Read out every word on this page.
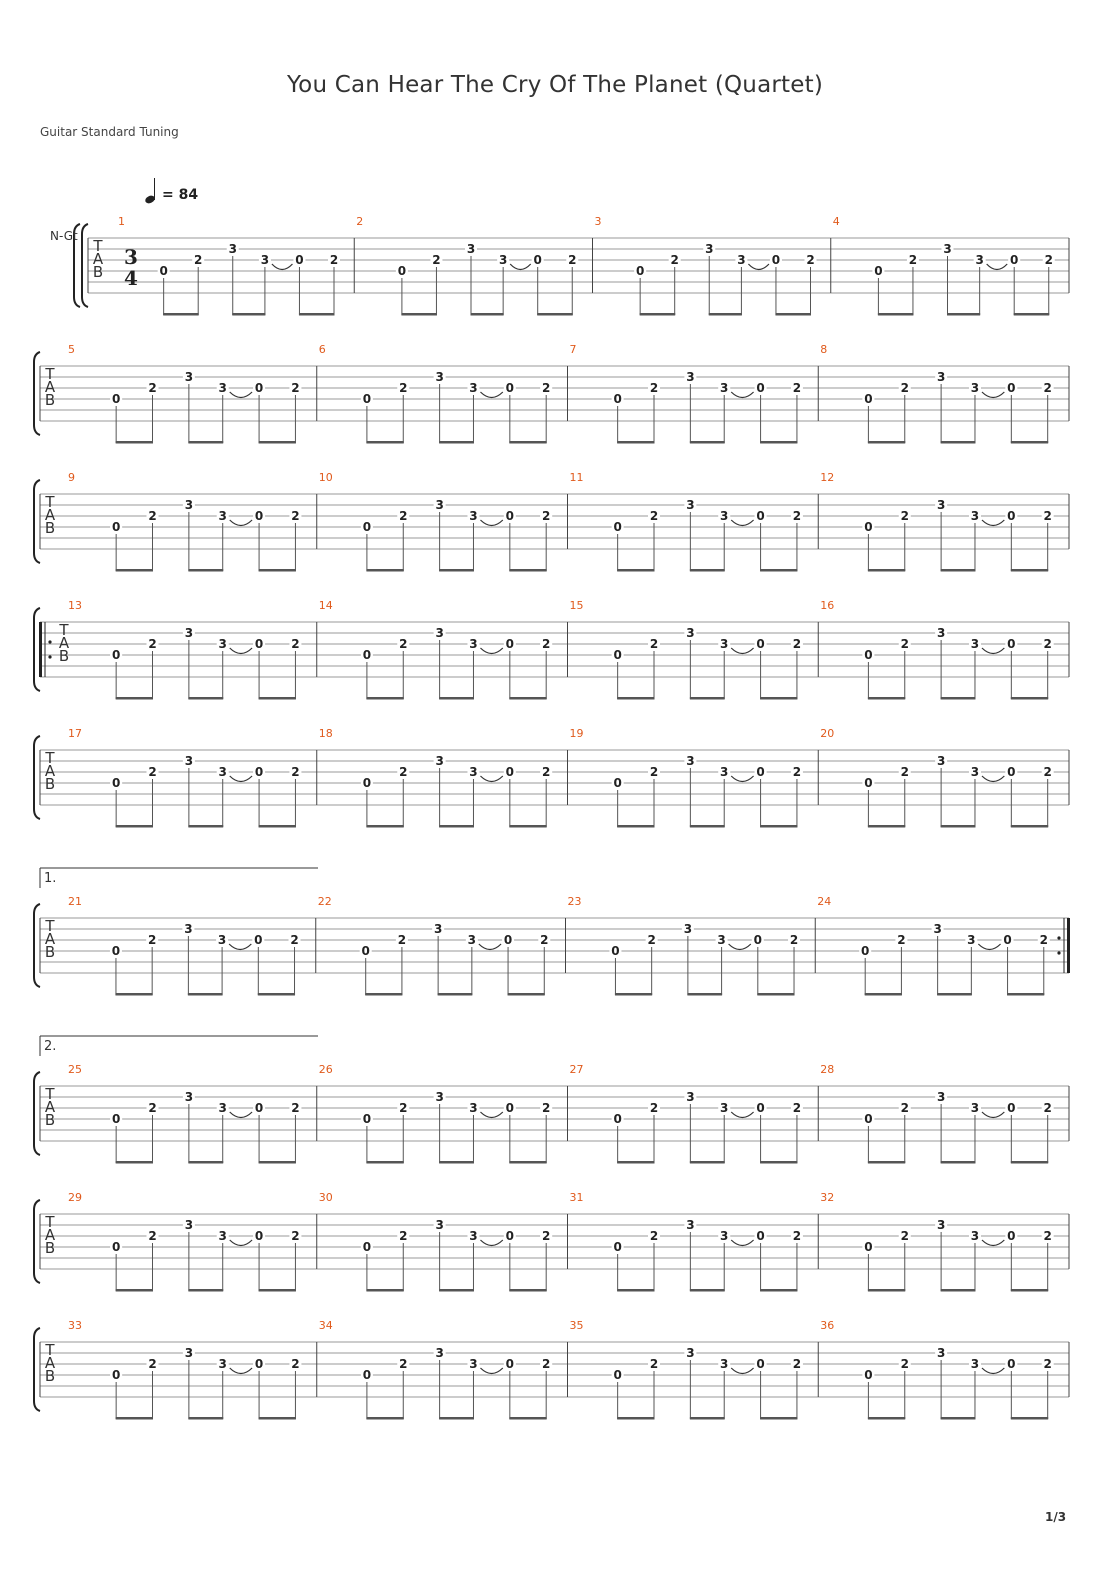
You Can Hear The Cry Of The Planet (Quartet)
Guitar Standard Tuning
= 84
N-Gt
T
A
B
3
4
1
0
2
3
3 0 2
2
0
2
3
3 0 2
3
0
2
3
3 0 2
4
0
2
3
3 0 2
T
A
B
5
0
2
3
3 0 2
6
0
2
3
3 0 2
7
0
2
3
3 0 2
8
0
2
3
3 0 2
T
A
B
9
0
2
3
3 0 2
10
0
2
3
3 0 2
11
0
2
3
3 0 2
12
0
2
3
3 0 2
T
A
B
13
0
2
3
3 0 2
14
0
2
3
3 0 2
15
0
2
3
3 0 2
16
0
2
3
3 0 2
T
A
B
17
0
2
3
3 0 2
18
0
2
3
3 0 2
19
0
2
3
3 0 2
20
0
2
3
3 0 2
T
A
B
1.
21
0
2
3
3 0 2
22
0
2
3
3 0 2
23
0
2
3
3 0 2
24
0
2
3
3 0 2
T
A
B
2.
25
0
2
3
3 0 2
26
0
2
3
3 0 2
27
0
2
3
3 0 2
28
0
2
3
3 0 2
T
A
B
29
0
2
3
3 0 2
30
0
2
3
3 0 2
31
0
2
3
3 0 2
32
0
2
3
3 0 2
T
A
B
33
0
2
3
3 0 2
34
0
2
3
3 0 2
35
0
2
3
3 0 2
36
0
2
3
3 0 2
1/3
